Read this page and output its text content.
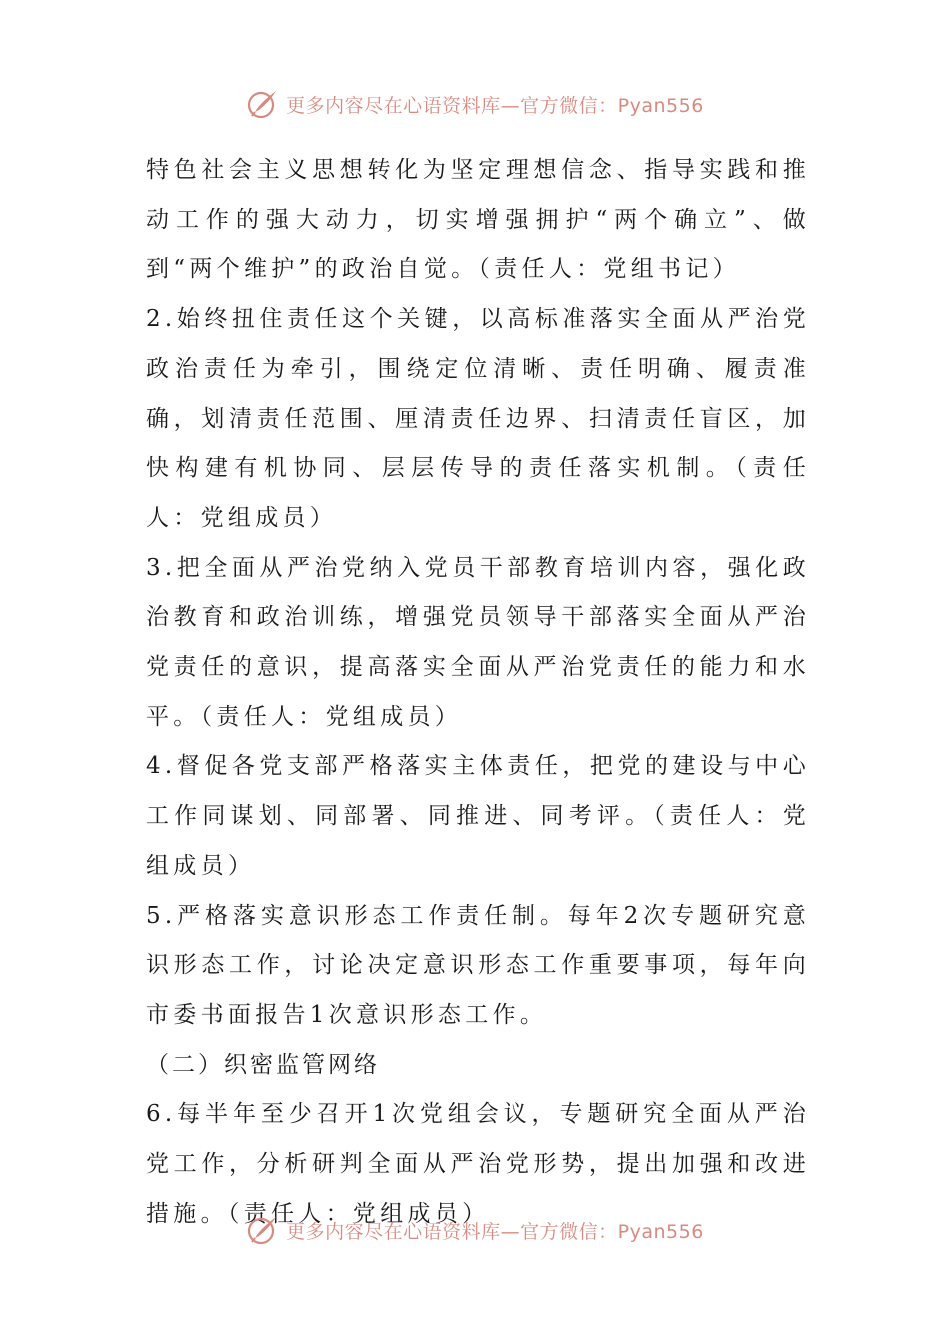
更多内容尽在心语资料库—官方微信：Pyan556

特色社会主义思想转化为坚定理想信念、指导实践和推动工作的强大动力，切实增强拥护“两个确立”、做到“两个维护”的政治自觉。（责任人：党组书记）

2.始终扭住责任这个关键，以高标准落实全面从严治党政治责任为牵引，围绕定位清晰、责任明确、履责准确，划清责任范围、厘清责任边界、扫清责任盲区，加快构建有机协同、层层传导的责任落实机制。（责任人：党组成员）

3.把全面从严治党纳入党员干部教育培训内容，强化政治教育和政治训练，增强党员领导干部落实全面从严治党责任的意识，提高落实全面从严治党责任的能力和水平。（责任人：党组成员）

4.督促各党支部严格落实主体责任，把党的建设与中心工作同谋划、同部署、同推进、同考评。（责任人：党组成员）

5.严格落实意识形态工作责任制。每年2次专题研究意识形态工作，讨论决定意识形态工作重要事项，每年向市委书面报告1次意识形态工作。

（二）织密监管网络

6.每半年至少召开1次党组会议，专题研究全面从严治党工作，分析研判全面从严治党形势，提出加强和改进措施。（责任人：党组成员）

更多内容尽在心语资料库—官方微信：Pyan556
